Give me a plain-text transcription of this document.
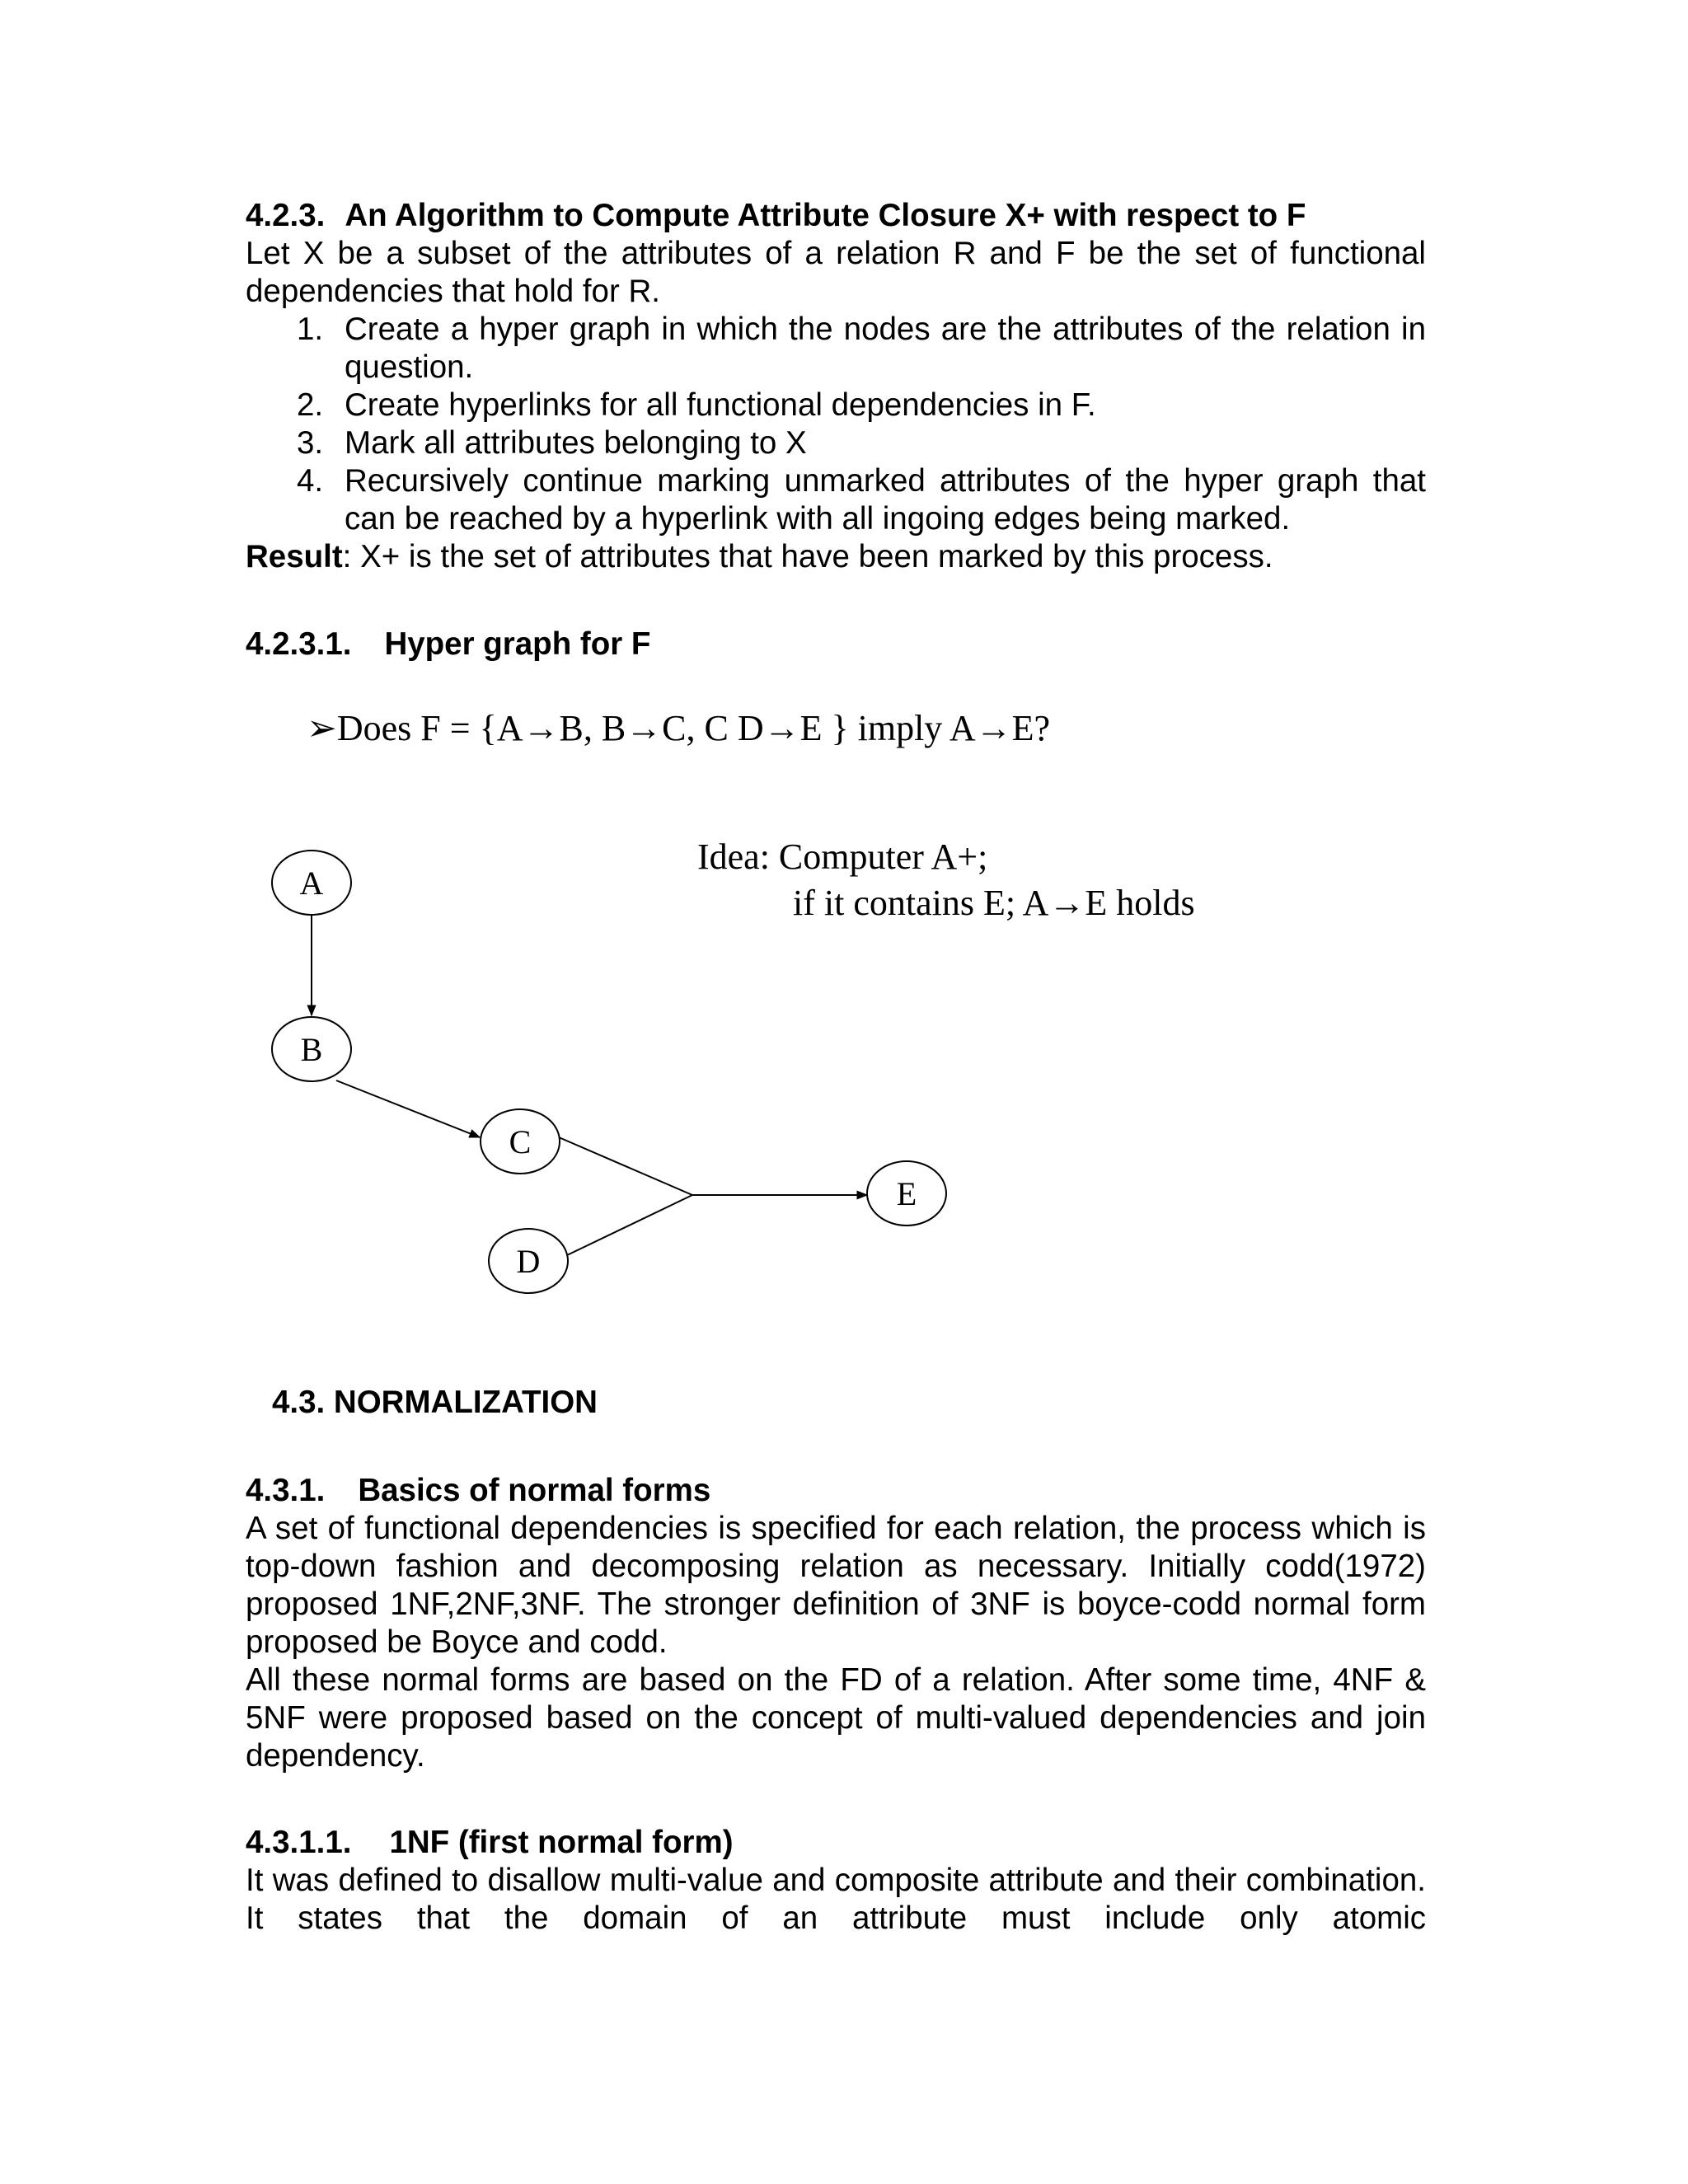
4.2.3. An Algorithm to Compute Attribute Closure X+ with respect to F

Let X be a subset of the attributes of a relation R and F be the set of functional dependencies that hold for R.

1. Create a hyper graph in which the nodes are the attributes of the relation in question.
2. Create hyperlinks for all functional dependencies in F.
3. Mark all attributes belonging to X
4. Recursively continue marking unmarked attributes of the hyper graph that can be reached by a hyperlink with all ingoing edges being marked.

Result: X+ is the set of attributes that have been marked by this process.

4.2.3.1. Hyper graph for F
➢Does F = {A→B, B→C, C D→E } imply A→E?
Idea: Computer A+;
if it contains E; A→E holds
A
B
C
D
E
4.3. NORMALIZATION
4.3.1. Basics of normal forms

A set of functional dependencies is specified for each relation, the process which is top-down fashion and decomposing relation as necessary. Initially codd(1972) proposed 1NF,2NF,3NF. The stronger definition of 3NF is boyce-codd normal form proposed be Boyce and codd.

All these normal forms are based on the FD of a relation. After some time, 4NF & 5NF were proposed based on the concept of multi-valued dependencies and join dependency.

4.3.1.1. 1NF (first normal form)

It was defined to disallow multi-value and composite attribute and their combination. It states that the domain of an attribute must include only atomic
